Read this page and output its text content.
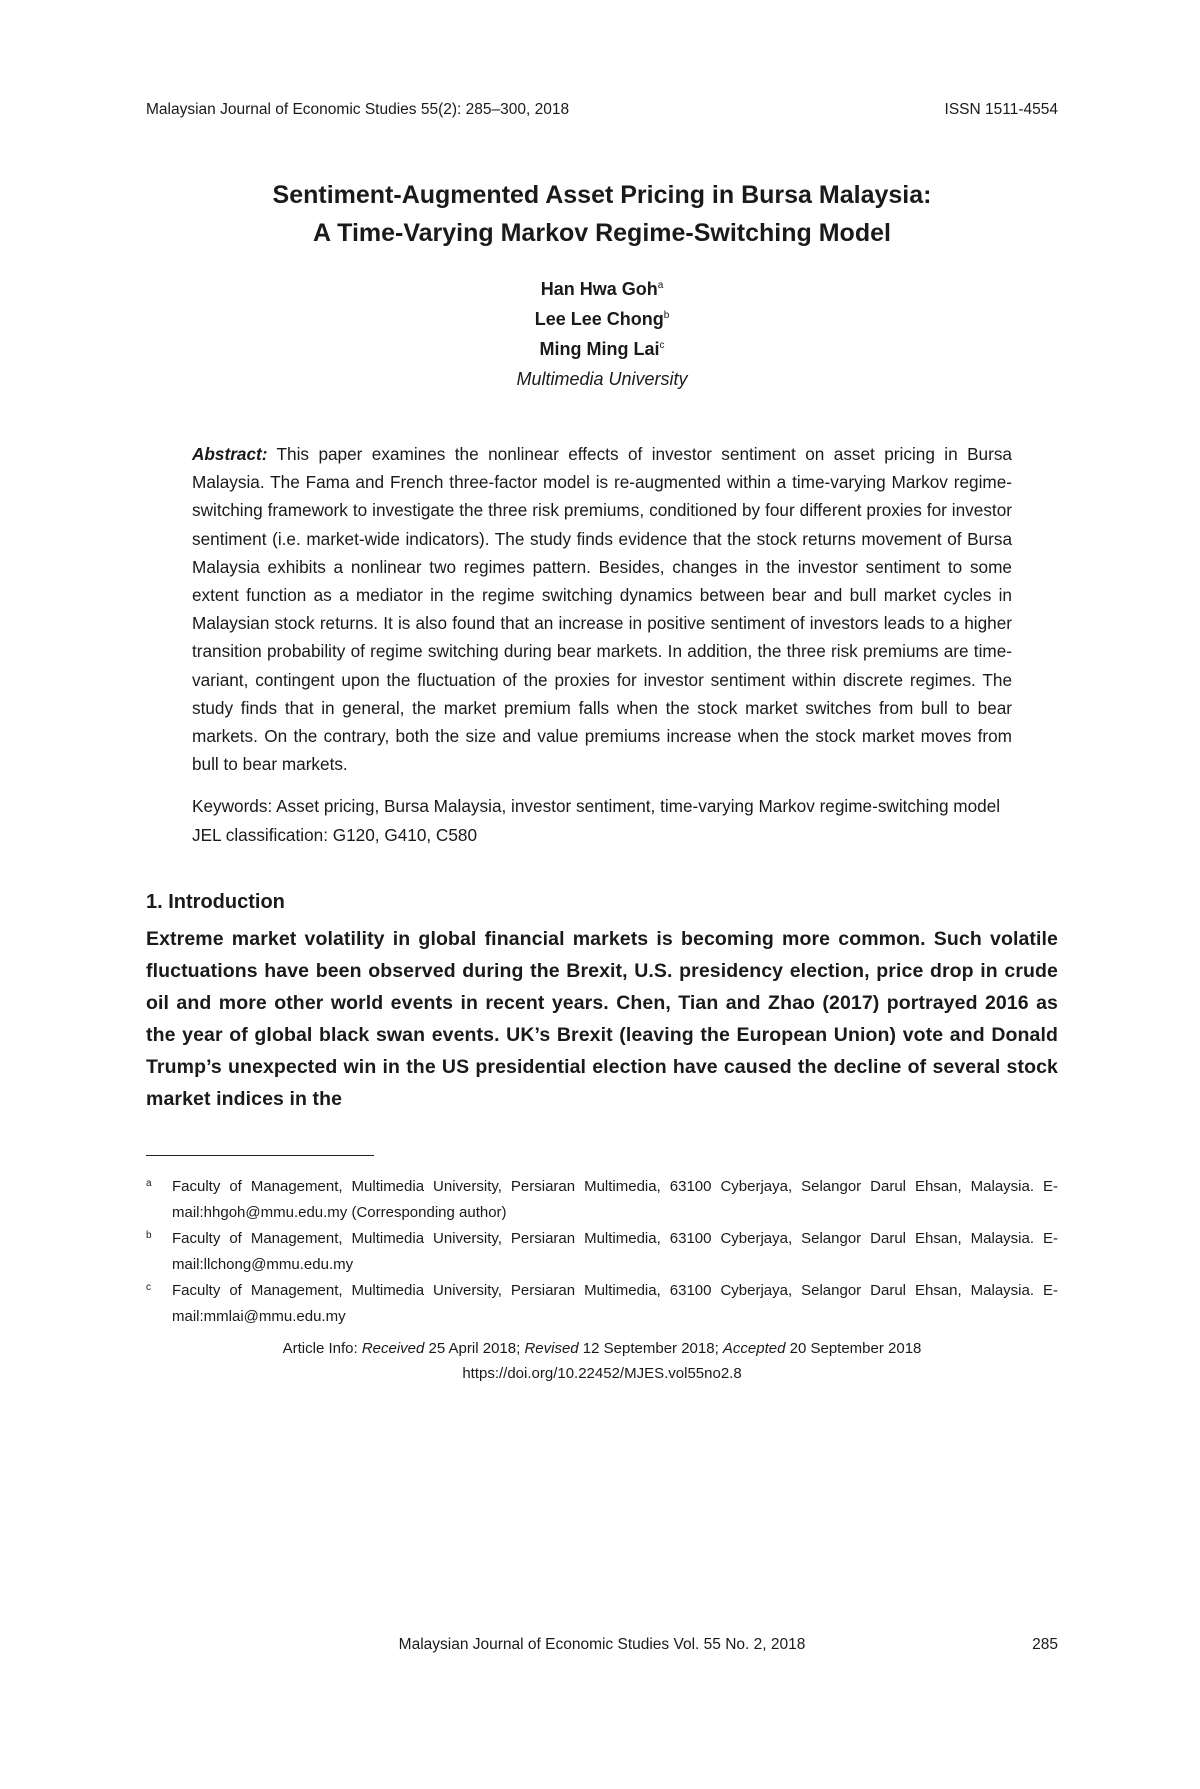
Malaysian Journal of Economic Studies 55(2): 285–300, 2018	ISSN 1511-4554
Sentiment-Augmented Asset Pricing in Bursa Malaysia:
A Time-Varying Markov Regime-Switching Model
Han Hwa Goh$^a$
Lee Lee Chong$^b$
Ming Ming Lai$^c$
Multimedia University
Abstract: This paper examines the nonlinear effects of investor sentiment on asset pricing in Bursa Malaysia. The Fama and French three-factor model is re-augmented within a time-varying Markov regime-switching framework to investigate the three risk premiums, conditioned by four different proxies for investor sentiment (i.e. market-wide indicators). The study finds evidence that the stock returns movement of Bursa Malaysia exhibits a nonlinear two regimes pattern. Besides, changes in the investor sentiment to some extent function as a mediator in the regime switching dynamics between bear and bull market cycles in Malaysian stock returns. It is also found that an increase in positive sentiment of investors leads to a higher transition probability of regime switching during bear markets. In addition, the three risk premiums are time-variant, contingent upon the fluctuation of the proxies for investor sentiment within discrete regimes. The study finds that in general, the market premium falls when the stock market switches from bull to bear markets. On the contrary, both the size and value premiums increase when the stock market moves from bull to bear markets.
Keywords: Asset pricing, Bursa Malaysia, investor sentiment, time-varying Markov regime-switching model
JEL classification: G120, G410, C580
1. Introduction
Extreme market volatility in global financial markets is becoming more common. Such volatile fluctuations have been observed during the Brexit, U.S. presidency election, price drop in crude oil and more other world events in recent years. Chen, Tian and Zhao (2017) portrayed 2016 as the year of global black swan events. UK’s Brexit (leaving the European Union) vote and Donald Trump’s unexpected win in the US presidential election have caused the decline of several stock market indices in the
a	Faculty of Management, Multimedia University, Persiaran Multimedia, 63100 Cyberjaya, Selangor Darul Ehsan, Malaysia. E-mail:hhgoh@mmu.edu.my (Corresponding author)
b	Faculty of Management, Multimedia University, Persiaran Multimedia, 63100 Cyberjaya, Selangor Darul Ehsan, Malaysia. E-mail:llchong@mmu.edu.my
c	Faculty of Management, Multimedia University, Persiaran Multimedia, 63100 Cyberjaya, Selangor Darul Ehsan, Malaysia. E-mail:mmlai@mmu.edu.my
Article Info: Received 25 April 2018; Revised 12 September 2018; Accepted 20 September 2018
https://doi.org/10.22452/MJES.vol55no2.8
Malaysian Journal of Economic Studies Vol. 55 No. 2, 2018	285
